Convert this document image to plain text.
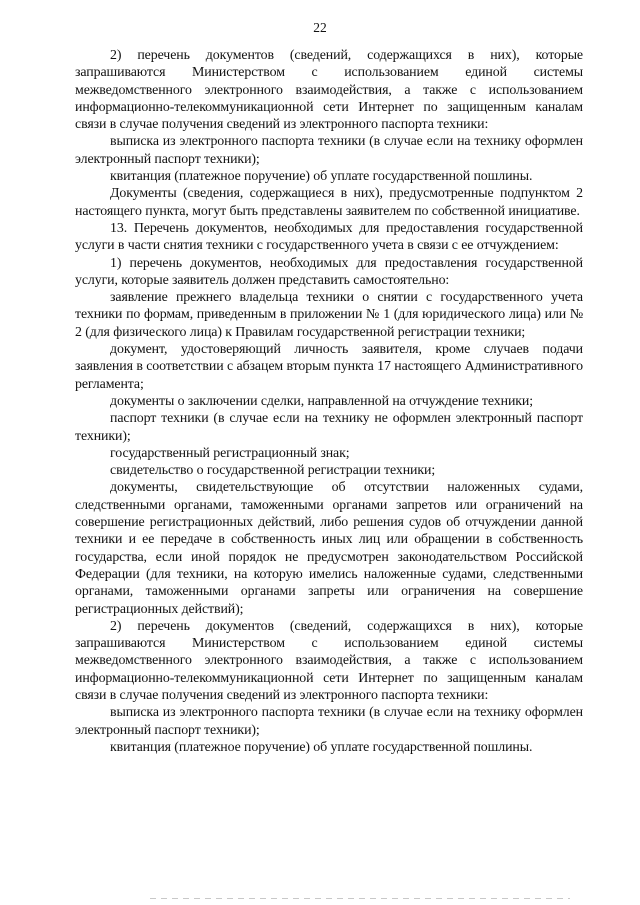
22

2) перечень документов (сведений, содержащихся в них), которые запрашиваются Министерством с использованием единой системы межведомственного электронного взаимодействия, а также с использованием информационно-телекоммуникационной сети Интернет по защищенным каналам связи в случае получения сведений из электронного паспорта техники:

выписка из электронного паспорта техники (в случае если на технику оформлен электронный паспорт техники);

квитанция (платежное поручение) об уплате государственной пошлины.

Документы (сведения, содержащиеся в них), предусмотренные подпунктом 2 настоящего пункта, могут быть представлены заявителем по собственной инициативе.

13. Перечень документов, необходимых для предоставления государственной услуги в части снятия техники с государственного учета в связи с ее отчуждением:

1) перечень документов, необходимых для предоставления государственной услуги, которые заявитель должен представить самостоятельно:

заявление прежнего владельца техники о снятии с государственного учета техники по формам, приведенным в приложении № 1 (для юридического лица) или № 2 (для физического лица) к Правилам государственной регистрации техники;

документ, удостоверяющий личность заявителя, кроме случаев подачи заявления в соответствии с абзацем вторым пункта 17 настоящего Административного регламента;

документы о заключении сделки, направленной на отчуждение техники;

паспорт техники (в случае если на технику не оформлен электронный паспорт техники);

государственный регистрационный знак;

свидетельство о государственной регистрации техники;

документы, свидетельствующие об отсутствии наложенных судами, следственными органами, таможенными органами запретов или ограничений на совершение регистрационных действий, либо решения судов об отчуждении данной техники и ее передаче в собственность иных лиц или обращении в собственность государства, если иной порядок не предусмотрен законодательством Российской Федерации (для техники, на которую имелись наложенные судами, следственными органами, таможенными органами запреты или ограничения на совершение регистрационных действий);

2) перечень документов (сведений, содержащихся в них), которые запрашиваются Министерством с использованием единой системы межведомственного электронного взаимодействия, а также с использованием информационно-телекоммуникационной сети Интернет по защищенным каналам связи в случае получения сведений из электронного паспорта техники:

выписка из электронного паспорта техники (в случае если на технику оформлен электронный паспорт техники);

квитанция (платежное поручение) об уплате государственной пошлины.
